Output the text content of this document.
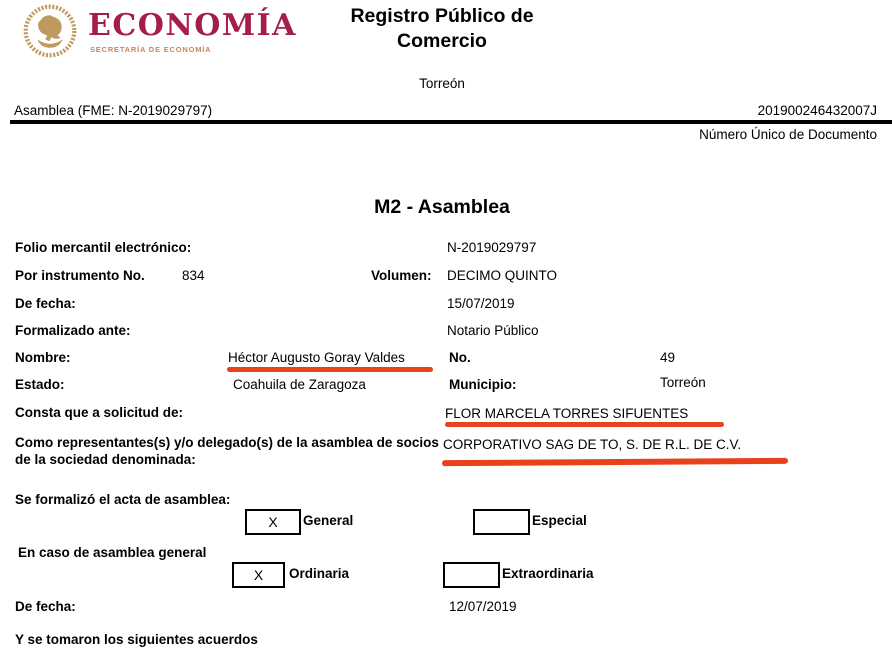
ECONOMÍA
SECRETARÍA DE ECONOMÍA
Registro Público de
Comercio
Torreón
Asamblea (FME: N-2019029797)	201900246432007J
Número Único de Documento
M2 - Asamblea
Folio mercantil electrónico:	N-2019029797
Por instrumento No.	834	Volumen: DECIMO QUINTO
De fecha:	15/07/2019
Formalizado ante:	Notario Público
Nombre:	Héctor Augusto Goray Valdes	No.	49
Estado:	Coahuila de Zaragoza	Municipio:	Torreón
Consta que a solicitud de:	FLOR MARCELA TORRES SIFUENTES
Como representantes(s) y/o delegado(s) de la asamblea de socios de la sociedad denominada:
CORPORATIVO SAG DE TO, S. DE R.L. DE C.V.
Se formalizó el acta de asamblea:
X	General	Especial
En caso de asamblea general
X	Ordinaria	Extraordinaria
De fecha:	12/07/2019
Y se tomaron los siguientes acuerdos
